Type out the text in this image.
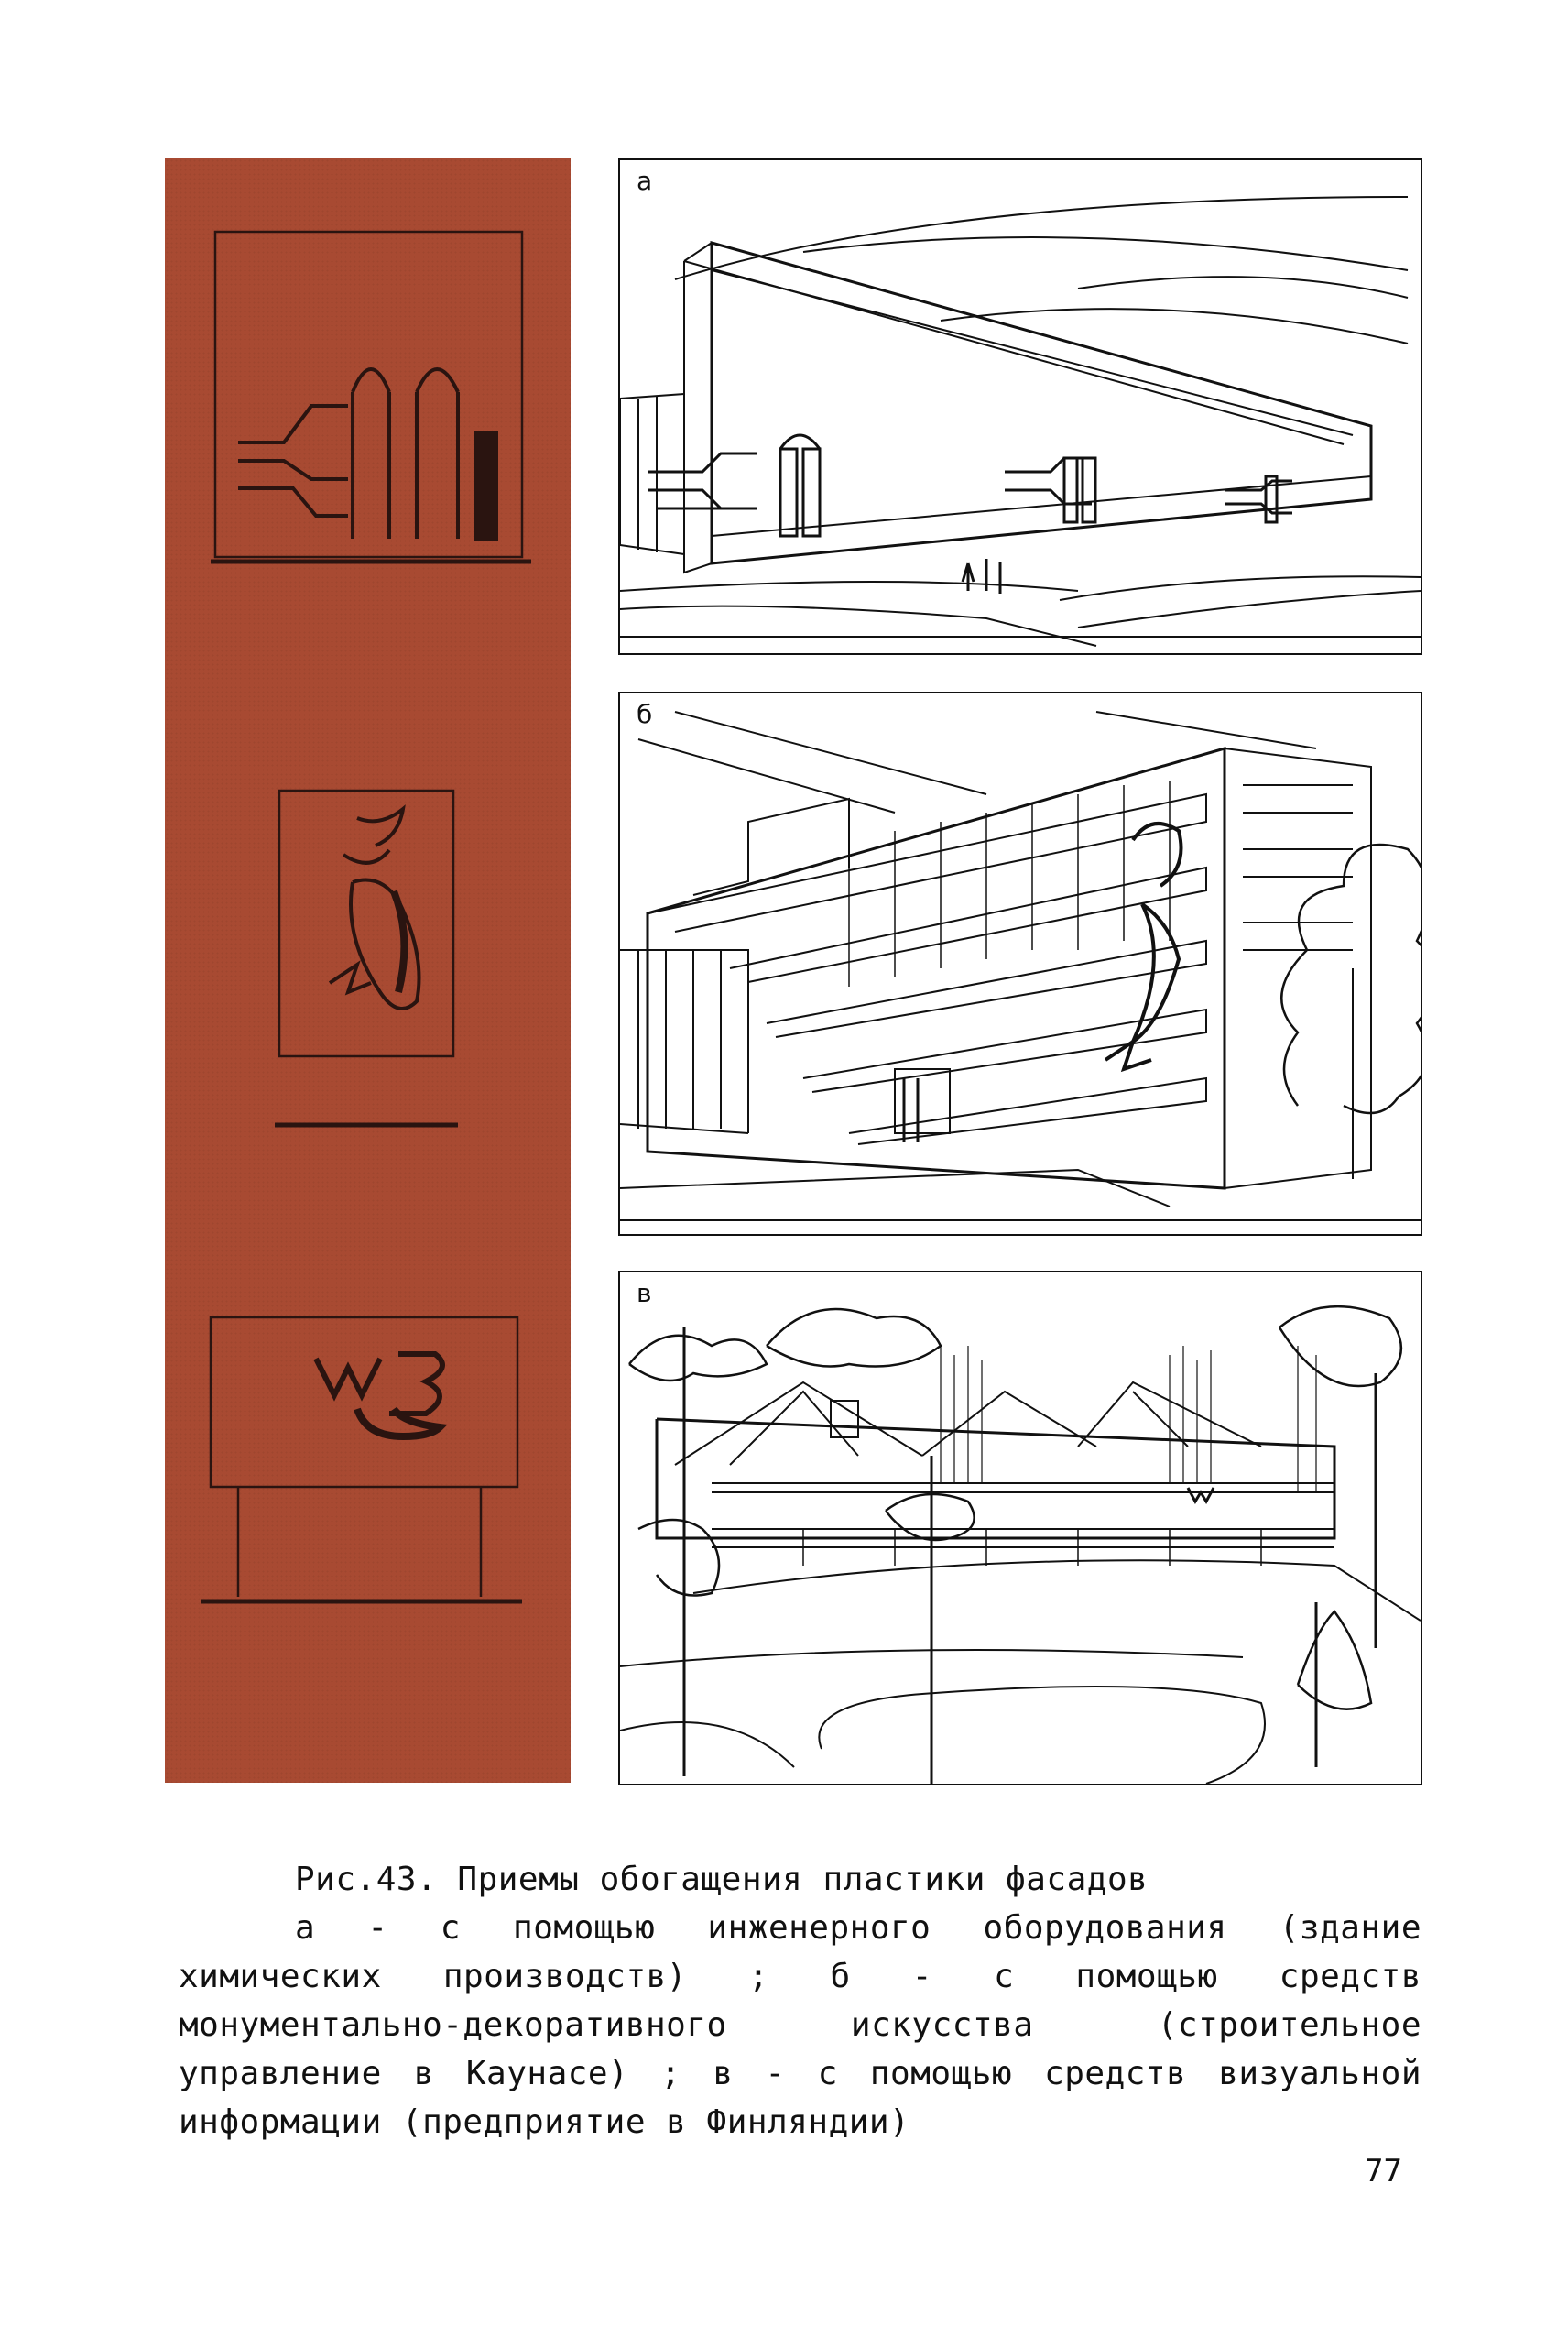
а
б
в
Рис.43. Приемы обогащения пластики фасадов
а - с помощью инженерного оборудования (здание химических производств) ; б - с помощью средств монументально-декоративного искусства (строительное управление в Каунасе) ; в - с помощью средств визуальной информации (предприятие в Финляндии)
77
